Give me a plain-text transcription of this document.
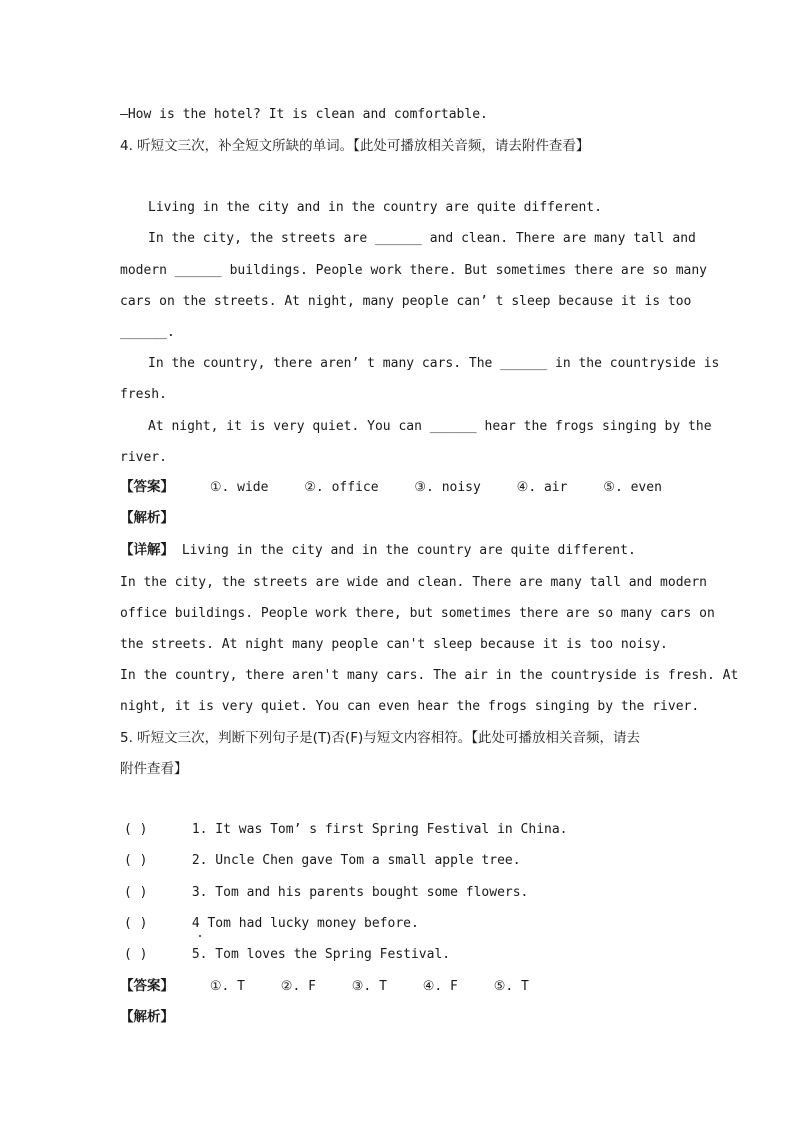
—How is the hotel? It is clean and comfortable.
4. 听短文三次，补全短文所缺的单词。【此处可播放相关音频，请去附件查看】
Living in the city and in the country are quite different.
In the city, the streets are ______ and clean. There are many tall and
modern ______ buildings. People work there. But sometimes there are so many
cars on the streets. At night, many people can’ t sleep because it is too
______.
In the country, there aren’ t many cars. The ______ in the countryside is
fresh.
At night, it is very quiet. You can ______ hear the frogs singing by the
river.
【答案】	①. wide	②. office	③. noisy	④. air	⑤. even
【解析】
【详解】 Living in the city and in the country are quite different.
In the city, the streets are wide and clean. There are many tall and modern
office buildings. People work there, but sometimes there are so many cars on
the streets. At night many people can't sleep because it is too noisy.
In the country, there aren't many cars. The air in the countryside is fresh. At
night, it is very quiet. You can even hear the frogs singing by the river.
5. 听短文三次，判断下列句子是(T)否(F)与短文内容相符。【此处可播放相关音频，请去
附件查看】
( )	1. It was Tom’ s first Spring Festival in China.
( )	2. Uncle Chen gave Tom a small apple tree.
( )	3. Tom and his parents bought some flowers.
( )	4 Tom had lucky money before.
( )	5. Tom loves the Spring Festival.
【答案】	①. T	②. F	③. T	④. F	⑤. T
【解析】
